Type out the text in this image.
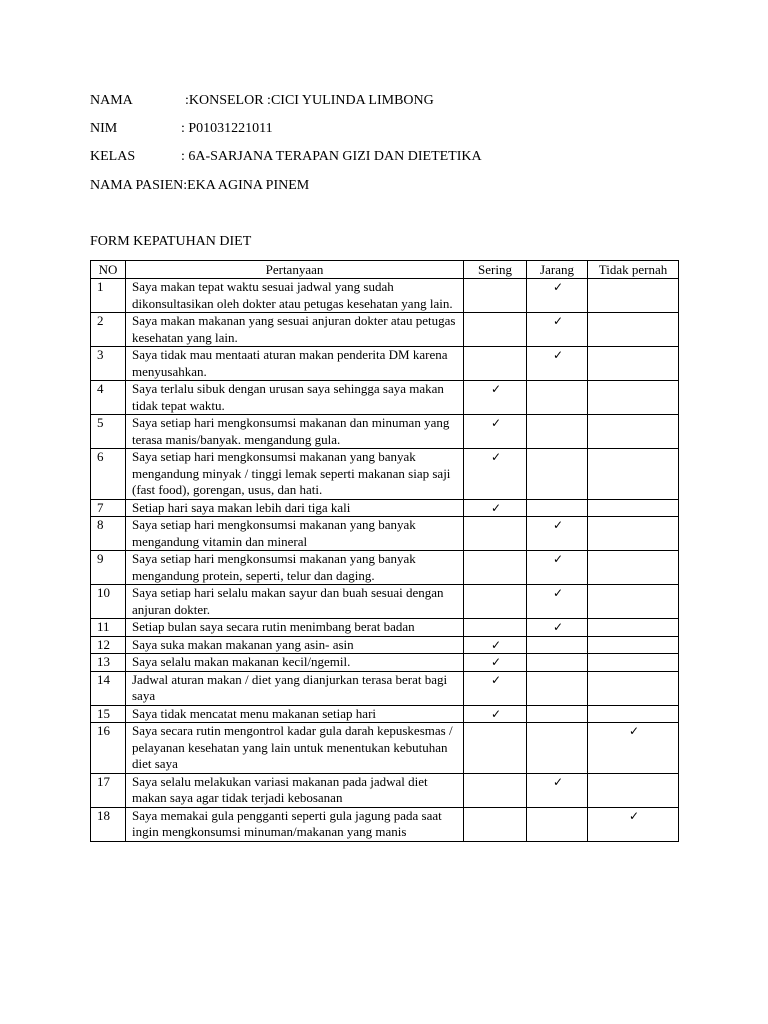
NAMA	:KONSELOR :CICI YULINDA LIMBONG
NIM	: P01031221011
KELAS	: 6A-SARJANA TERAPAN GIZI DAN DIETETIKA
NAMA PASIEN:EKA AGINA PINEM
FORM KEPATUHAN DIET
NO	Pertanyaan	Sering	Jarang	Tidak pernah
1	Saya makan tepat waktu sesuai jadwal yang sudah dikonsultasikan oleh dokter atau petugas kesehatan yang lain.		✓	
2	Saya makan makanan yang sesuai anjuran dokter atau petugas kesehatan yang lain.		✓	
3	Saya tidak mau mentaati aturan makan penderita DM karena menyusahkan.		✓	
4	Saya terlalu sibuk dengan urusan saya sehingga saya makan tidak tepat waktu.	✓		
5	Saya setiap hari mengkonsumsi makanan dan minuman yang terasa manis/banyak. mengandung gula.	✓		
6	Saya setiap hari mengkonsumsi makanan yang banyak mengandung minyak / tinggi lemak seperti makanan siap saji (fast food), gorengan, usus, dan hati.	✓		
7	Setiap hari saya makan lebih dari tiga kali	✓		
8	Saya setiap hari mengkonsumsi makanan yang banyak mengandung vitamin dan mineral		✓	
9	Saya setiap hari mengkonsumsi makanan yang banyak mengandung protein, seperti, telur dan daging.		✓	
10	Saya setiap hari selalu makan sayur dan buah sesuai dengan anjuran dokter.		✓	
11	Setiap bulan saya secara rutin menimbang berat badan		✓	
12	Saya suka makan makanan yang asin- asin	✓		
13	Saya selalu makan makanan kecil/ngemil.	✓		
14	Jadwal aturan makan / diet yang dianjurkan terasa berat bagi saya	✓		
15	Saya tidak mencatat menu makanan setiap hari	✓		
16	Saya secara rutin mengontrol kadar gula darah kepuskesmas / pelayanan kesehatan yang lain untuk menentukan kebutuhan diet saya			✓
17	Saya selalu melakukan variasi makanan pada jadwal diet makan saya agar tidak terjadi kebosanan		✓	
18	Saya memakai gula pengganti seperti gula jagung pada saat ingin mengkonsumsi minuman/makanan yang manis			✓
